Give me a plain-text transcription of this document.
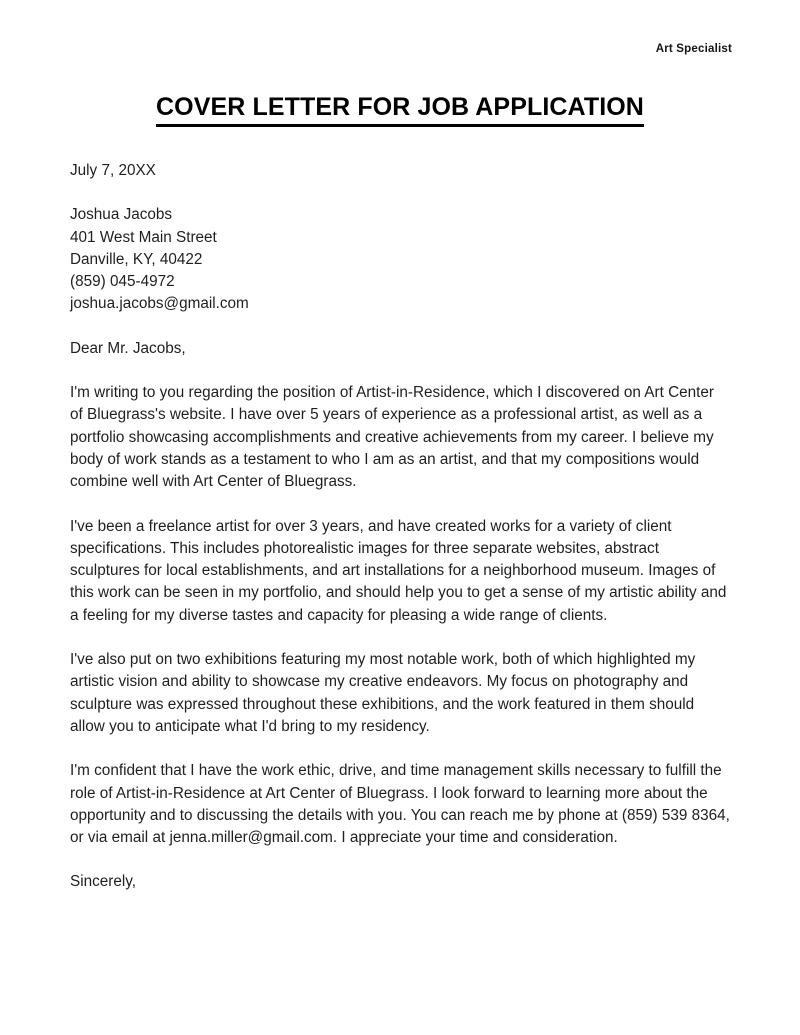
Art Specialist
COVER LETTER FOR JOB APPLICATION

July 7, 20XX

Joshua Jacobs
401 West Main Street
Danville, KY, 40422
(859) 045-4972
joshua.jacobs@gmail.com

Dear Mr. Jacobs,

I'm writing to you regarding the position of Artist-in-Residence, which I discovered on Art Center of Bluegrass's website. I have over 5 years of experience as a professional artist, as well as a portfolio showcasing accomplishments and creative achievements from my career. I believe my body of work stands as a testament to who I am as an artist, and that my compositions would combine well with Art Center of Bluegrass.

I've been a freelance artist for over 3 years, and have created works for a variety of client specifications. This includes photorealistic images for three separate websites, abstract sculptures for local establishments, and art installations for a neighborhood museum. Images of this work can be seen in my portfolio, and should help you to get a sense of my artistic ability and a feeling for my diverse tastes and capacity for pleasing a wide range of clients.

I've also put on two exhibitions featuring my most notable work, both of which highlighted my artistic vision and ability to showcase my creative endeavors. My focus on photography and sculpture was expressed throughout these exhibitions, and the work featured in them should allow you to anticipate what I'd bring to my residency.

I'm confident that I have the work ethic, drive, and time management skills necessary to fulfill the role of Artist-in-Residence at Art Center of Bluegrass. I look forward to learning more about the opportunity and to discussing the details with you. You can reach me by phone at (859) 539 8364, or via email at jenna.miller@gmail.com. I appreciate your time and consideration.

Sincerely,
